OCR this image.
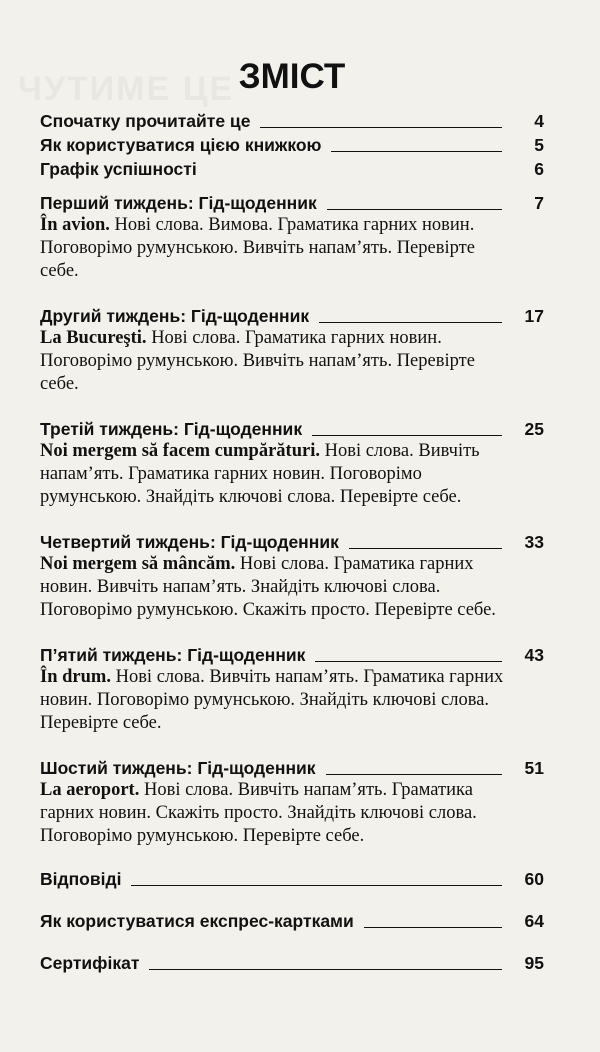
ЗМІСТ
Спочатку прочитайте це	4
Як користуватися цією книжкою	5
Графік успішності	6
Перший тиждень: Гід-щоденник	7
În avion. Нові слова. Вимова. Граматика гарних новин. Поговорімо румунською. Вивчіть напам’ять. Перевірте себе.
Другий тиждень: Гід-щоденник	17
La Bucureşti. Нові слова. Граматика гарних новин. Поговорімо румунською. Вивчіть напам’ять. Перевірте себе.
Третій тиждень: Гід-щоденник	25
Noi mergem să facem cumpărături. Нові слова. Вивчіть напам’ять. Граматика гарних новин. Поговорімо румунською. Знайдіть ключові слова. Перевірте себе.
Четвертий тиждень: Гід-щоденник	33
Noi mergem să mâncăm. Нові слова. Граматика гарних новин. Вивчіть напам’ять. Знайдіть ключові слова. Поговорімо румунською. Скажіть просто. Перевірте себе.
П’ятий тиждень: Гід-щоденник	43
În drum. Нові слова. Вивчіть напам’ять. Граматика гарних новин. Поговорімо румунською. Знайдіть ключові слова. Перевірте себе.
Шостий тиждень: Гід-щоденник	51
La aeroport. Нові слова. Вивчіть напам’ять. Граматика гарних новин. Скажіть просто. Знайдіть ключові слова. Поговорімо румунською. Перевірте себе.
Відповіді	60
Як користуватися експрес-картками	64
Сертифікат	95
